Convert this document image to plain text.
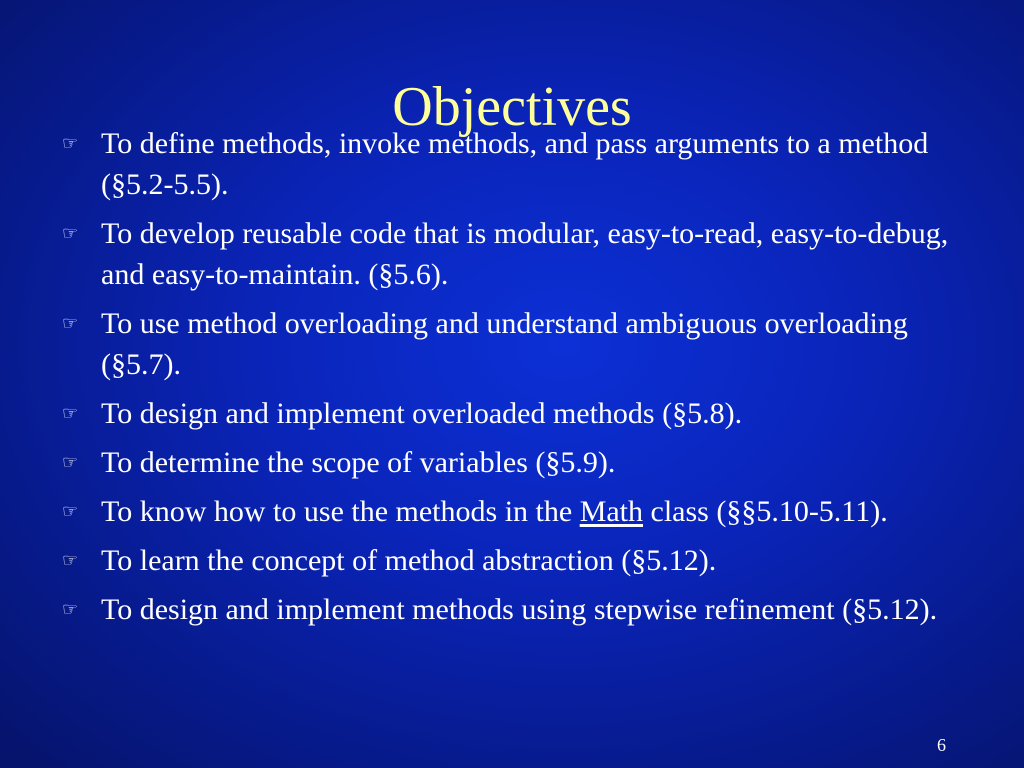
Objectives
☞ To define methods, invoke methods, and pass arguments to a method (§5.2-5.5).
☞ To develop reusable code that is modular, easy-to-read, easy-to-debug, and easy-to-maintain. (§5.6).
☞ To use method overloading and understand ambiguous overloading (§5.7).
☞ To design and implement overloaded methods (§5.8).
☞ To determine the scope of variables (§5.9).
☞ To know how to use the methods in the Math class (§§5.10-5.11).
☞ To learn the concept of method abstraction (§5.12).
☞ To design and implement methods using stepwise refinement (§5.12).
6
